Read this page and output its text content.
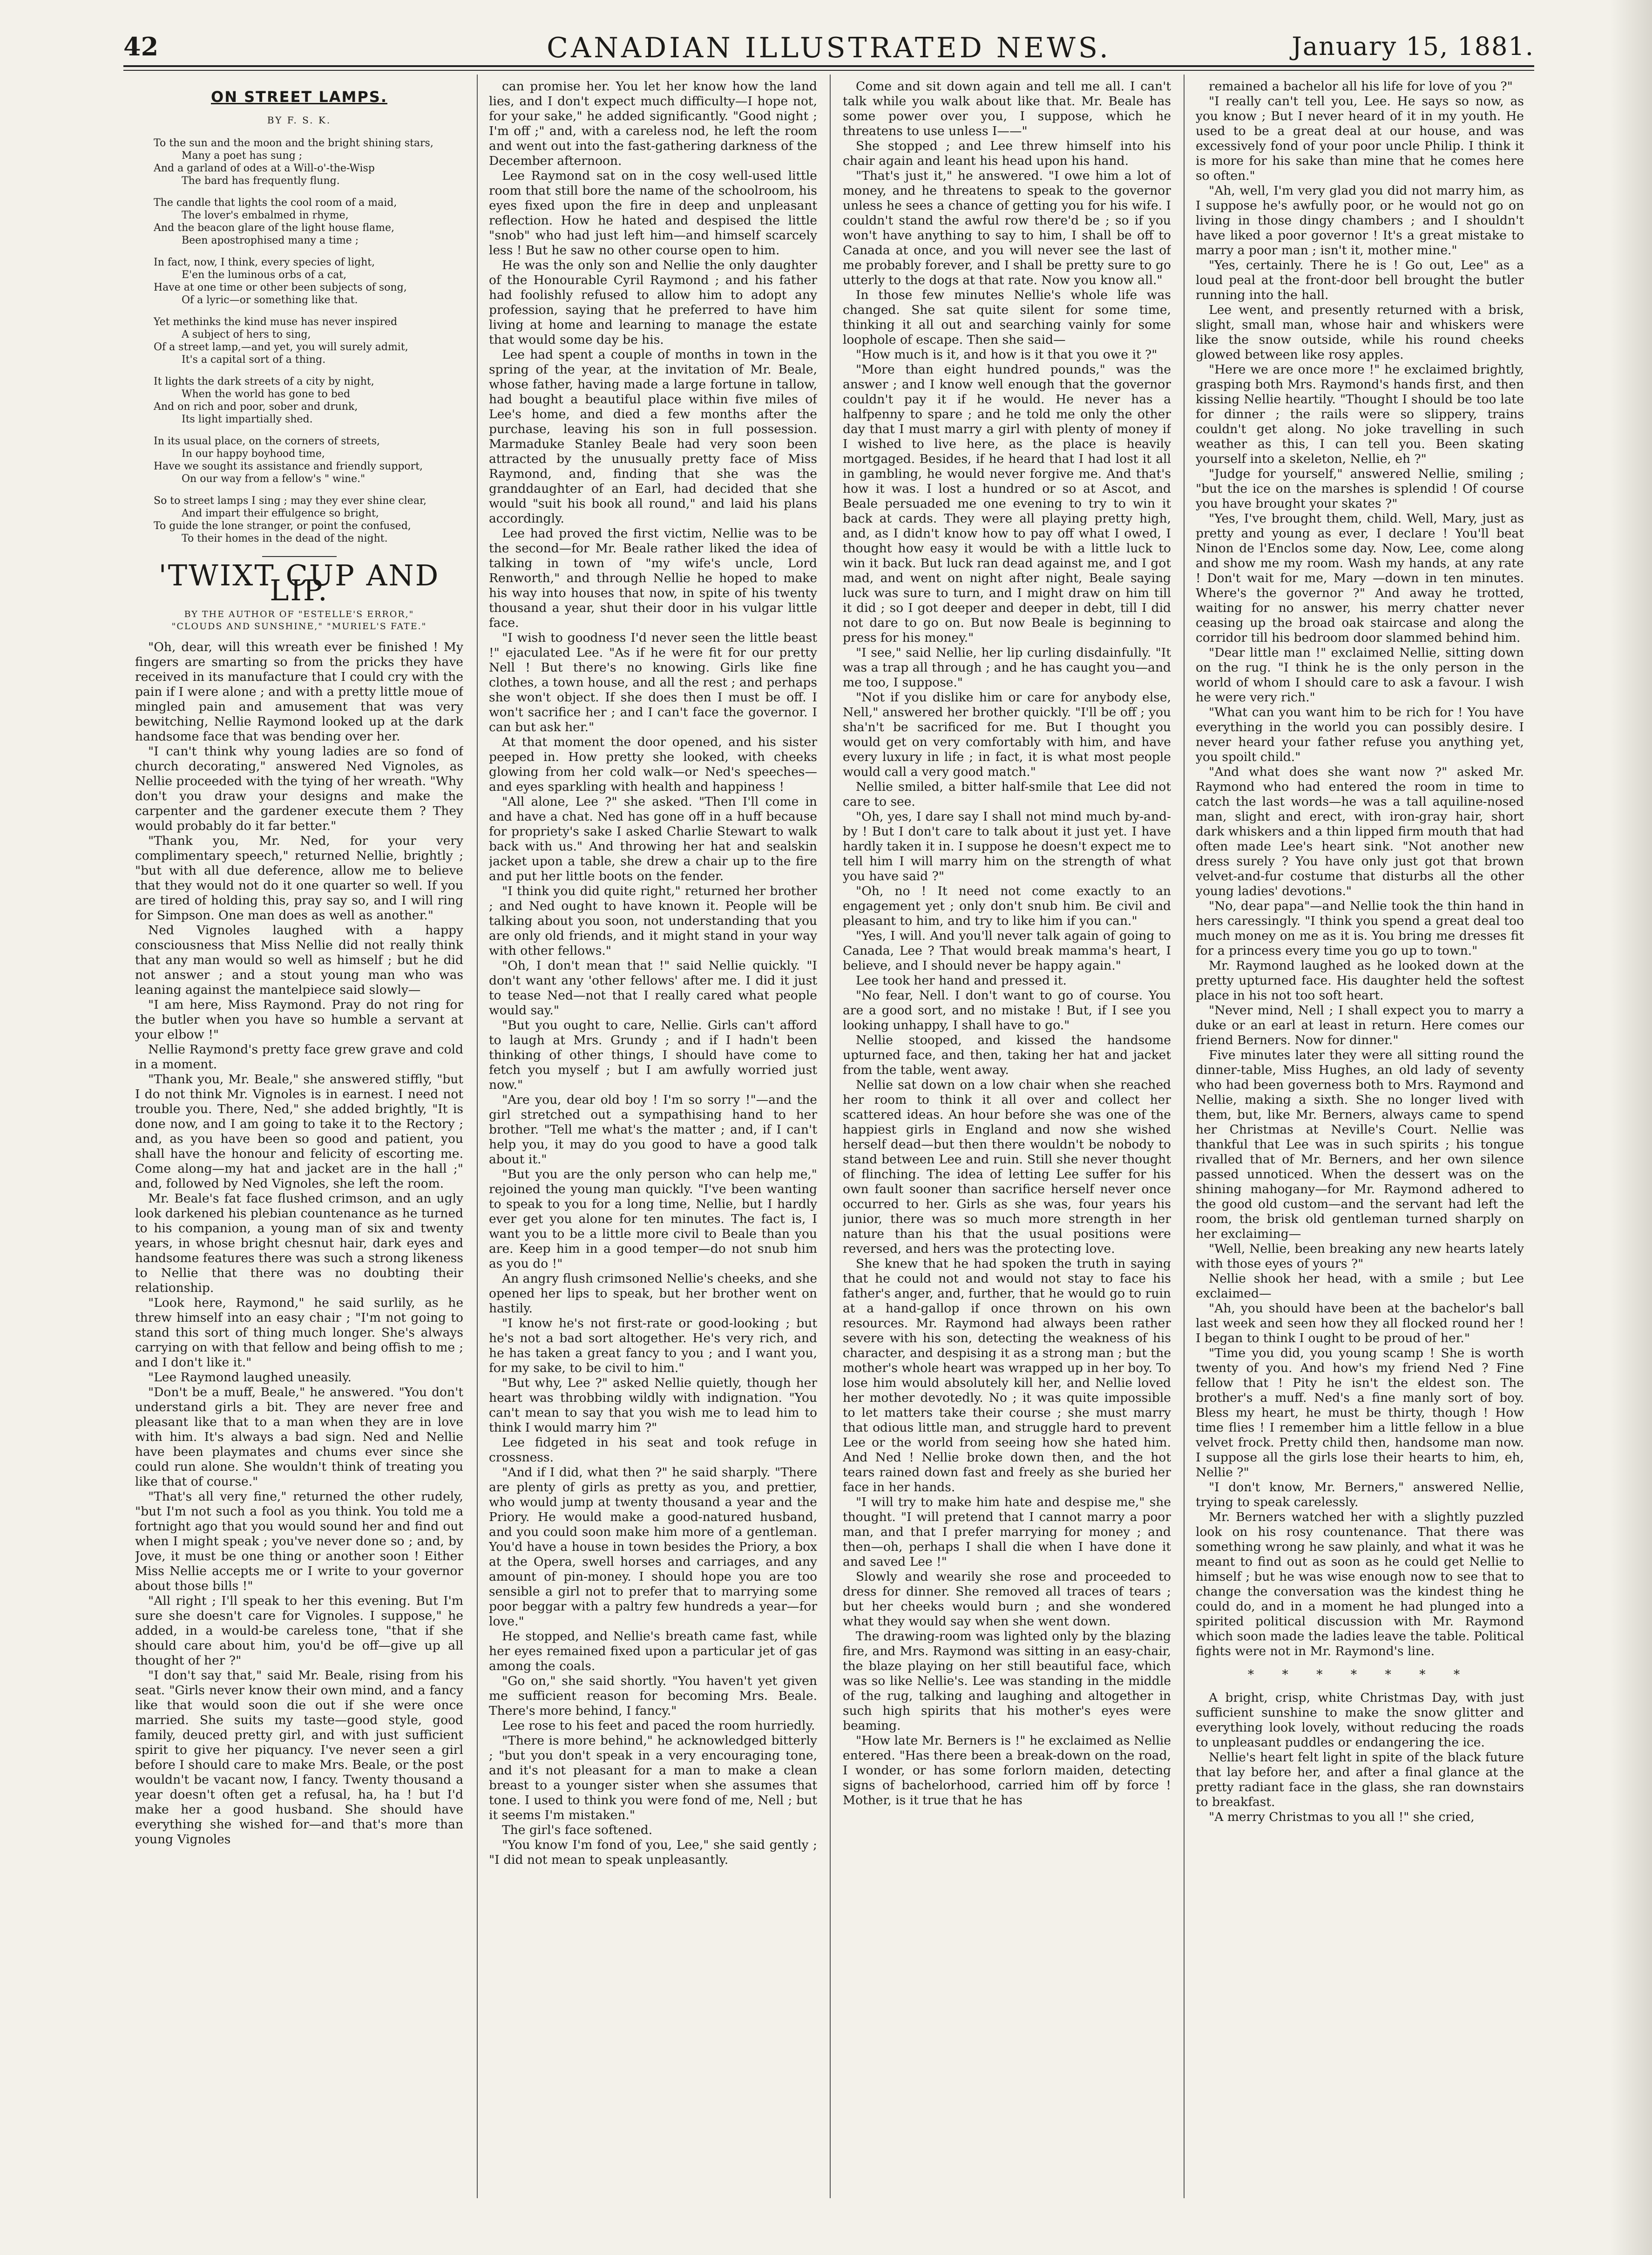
42	CANADIAN ILLUSTRATED NEWS.	January 15, 1881.
ON STREET LAMPS.
BY F. S. K.
To the sun and the moon and the bright shining stars,
Many a poet has sung ;
And a garland of odes at a Will-o'-the-Wisp
The bard has frequently flung.
The candle that lights the cool room of a maid,
The lover's embalmed in rhyme,
And the beacon glare of the light house flame,
Been apostrophised many a time ;
In fact, now, I think, every species of light,
E'en the luminous orbs of a cat,
Have at one time or other been subjects of song,
Of a lyric—or something like that.
Yet methinks the kind muse has never inspired
A subject of hers to sing,
Of a street lamp,—and yet, you will surely admit,
It's a capital sort of a thing.
It lights the dark streets of a city by night,
When the world has gone to bed
And on rich and poor, sober and drunk,
Its light impartially shed.
In its usual place, on the corners of streets,
In our happy boyhood time,
Have we sought its assistance and friendly support,
On our way from a fellow's " wine."
So to street lamps I sing ; may they ever shine clear,
And impart their effulgence so bright,
To guide the lone stranger, or point the confused,
To their homes in the dead of the night.
'TWIXT CUP AND LIP.
BY THE AUTHOR OF "ESTELLE'S ERROR,"
"CLOUDS AND SUNSHINE," "MURIEL'S FATE."

"Oh, dear, will this wreath ever be finished ! My fingers are smarting so from the pricks they have received in its manufacture that I could cry with the pain if I were alone ; and with a pretty little moue of mingled pain and amusement that was very bewitching, Nellie Raymond looked up at the dark handsome face that was bending over her.

"I can't think why young ladies are so fond of church decorating," answered Ned Vignoles, as Nellie proceeded with the tying of her wreath. "Why don't you draw your designs and make the carpenter and the gardener execute them ? They would probably do it far better."

"Thank you, Mr. Ned, for your very complimentary speech," returned Nellie, brightly ; "but with all due deference, allow me to believe that they would not do it one quarter so well. If you are tired of holding this, pray say so, and I will ring for Simpson. One man does as well as another."

Ned Vignoles laughed with a happy consciousness that Miss Nellie did not really think that any man would so well as himself ; but he did not answer ; and a stout young man who was leaning against the mantelpiece said slowly—

"I am here, Miss Raymond. Pray do not ring for the butler when you have so humble a servant at your elbow !"

Nellie Raymond's pretty face grew grave and cold in a moment.

"Thank you, Mr. Beale," she answered stiffly, "but I do not think Mr. Vignoles is in earnest. I need not trouble you. There, Ned," she added brightly, "It is done now, and I am going to take it to the Rectory ; and, as you have been so good and patient, you shall have the honour and felicity of escorting me. Come along—my hat and jacket are in the hall ;" and, followed by Ned Vignoles, she left the room.

Mr. Beale's fat face flushed crimson, and an ugly look darkened his plebian countenance as he turned to his companion, a young man of six and twenty years, in whose bright chesnut hair, dark eyes and handsome features there was such a strong likeness to Nellie that there was no doubting their relationship.

"Look here, Raymond," he said surlily, as he threw himself into an easy chair ; "I'm not going to stand this sort of thing much longer. She's always carrying on with that fellow and being offish to me ; and I don't like it."

"Lee Raymond laughed uneasily.

"Don't be a muff, Beale," he answered. "You don't understand girls a bit. They are never free and pleasant like that to a man when they are in love with him. It's always a bad sign. Ned and Nellie have been playmates and chums ever since she could run alone. She wouldn't think of treating you like that of course."

"That's all very fine," returned the other rudely, "but I'm not such a fool as you think. You told me a fortnight ago that you would sound her and find out when I might speak ; you've never done so ; and, by Jove, it must be one thing or another soon ! Either Miss Nellie accepts me or I write to your governor about those bills !"

"All right ; I'll speak to her this evening. But I'm sure she doesn't care for Vignoles. I suppose," he added, in a would-be careless tone, "that if she should care about him, you'd be off—give up all thought of her ?"

"I don't say that," said Mr. Beale, rising from his seat. "Girls never know their own mind, and a fancy like that would soon die out if she were once married. She suits my taste—good style, good family, deuced pretty girl, and with just sufficient spirit to give her piquancy. I've never seen a girl before I should care to make Mrs. Beale, or the post wouldn't be vacant now, I fancy. Twenty thousand a year doesn't often get a refusal, ha, ha ! but I'd make her a good husband. She should have everything she wished for—and that's more than young Vignoles

can promise her. You let her know how the land lies, and I don't expect much difficulty—I hope not, for your sake," he added significantly. "Good night ; I'm off ;" and, with a careless nod, he left the room and went out into the fast-gathering darkness of the December afternoon.

Lee Raymond sat on in the cosy well-used little room that still bore the name of the schoolroom, his eyes fixed upon the fire in deep and unpleasant reflection. How he hated and despised the little "snob" who had just left him—and himself scarcely less ! But he saw no other course open to him.

He was the only son and Nellie the only daughter of the Honourable Cyril Raymond ; and his father had foolishly refused to allow him to adopt any profession, saying that he preferred to have him living at home and learning to manage the estate that would some day be his.

Lee had spent a couple of months in town in the spring of the year, at the invitation of Mr. Beale, whose father, having made a large fortune in tallow, had bought a beautiful place within five miles of Lee's home, and died a few months after the purchase, leaving his son in full possession. Marmaduke Stanley Beale had very soon been attracted by the unusually pretty face of Miss Raymond, and, finding that she was the granddaughter of an Earl, had decided that she would "suit his book all round," and laid his plans accordingly.

Lee had proved the first victim, Nellie was to be the second—for Mr. Beale rather liked the idea of talking in town of "my wife's uncle, Lord Renworth," and through Nellie he hoped to make his way into houses that now, in spite of his twenty thousand a year, shut their door in his vulgar little face.

"I wish to goodness I'd never seen the little beast !" ejaculated Lee. "As if he were fit for our pretty Nell ! But there's no knowing. Girls like fine clothes, a town house, and all the rest ; and perhaps she won't object. If she does then I must be off. I won't sacrifice her ; and I can't face the governor. I can but ask her."

At that moment the door opened, and his sister peeped in. How pretty she looked, with cheeks glowing from her cold walk—or Ned's speeches—and eyes sparkling with health and happiness !

"All alone, Lee ?" she asked. "Then I'll come in and have a chat. Ned has gone off in a huff because for propriety's sake I asked Charlie Stewart to walk back with us." And throwing her hat and sealskin jacket upon a table, she drew a chair up to the fire and put her little boots on the fender.

"I think you did quite right," returned her brother ; and Ned ought to have known it. People will be talking about you soon, not understanding that you are only old friends, and it might stand in your way with other fellows."

"Oh, I don't mean that !" said Nellie quickly. "I don't want any 'other fellows' after me. I did it just to tease Ned—not that I really cared what people would say."

"But you ought to care, Nellie. Girls can't afford to laugh at Mrs. Grundy ; and if I hadn't been thinking of other things, I should have come to fetch you myself ; but I am awfully worried just now."

"Are you, dear old boy ! I'm so sorry !"—and the girl stretched out a sympathising hand to her brother. "Tell me what's the matter ; and, if I can't help you, it may do you good to have a good talk about it."

"But you are the only person who can help me," rejoined the young man quickly. "I've been wanting to speak to you for a long time, Nellie, but I hardly ever get you alone for ten minutes. The fact is, I want you to be a little more civil to Beale than you are. Keep him in a good temper—do not snub him as you do !"

An angry flush crimsoned Nellie's cheeks, and she opened her lips to speak, but her brother went on hastily.

"I know he's not first-rate or good-looking ; but he's not a bad sort altogether. He's very rich, and he has taken a great fancy to you ; and I want you, for my sake, to be civil to him."

"But why, Lee ?" asked Nellie quietly, though her heart was throbbing wildly with indignation. "You can't mean to say that you wish me to lead him to think I would marry him ?"

Lee fidgeted in his seat and took refuge in crossness.

"And if I did, what then ?" he said sharply. "There are plenty of girls as pretty as you, and prettier, who would jump at twenty thousand a year and the Priory. He would make a good-natured husband, and you could soon make him more of a gentleman. You'd have a house in town besides the Priory, a box at the Opera, swell horses and carriages, and any amount of pin-money. I should hope you are too sensible a girl not to prefer that to marrying some poor beggar with a paltry few hundreds a year—for love."

He stopped, and Nellie's breath came fast, while her eyes remained fixed upon a particular jet of gas among the coals.

"Go on," she said shortly. "You haven't yet given me sufficient reason for becoming Mrs. Beale. There's more behind, I fancy."

Lee rose to his feet and paced the room hurriedly.

"There is more behind," he acknowledged bitterly ; "but you don't speak in a very encouraging tone, and it's not pleasant for a man to make a clean breast to a younger sister when she assumes that tone. I used to think you were fond of me, Nell ; but it seems I'm mistaken."

The girl's face softened.

"You know I'm fond of you, Lee," she said gently ; "I did not mean to speak unpleasantly.

Come and sit down again and tell me all. I can't talk while you walk about like that. Mr. Beale has some power over you, I suppose, which he threatens to use unless I——"

She stopped ; and Lee threw himself into his chair again and leant his head upon his hand.

"That's just it," he answered. "I owe him a lot of money, and he threatens to speak to the governor unless he sees a chance of getting you for his wife. I couldn't stand the awful row there'd be ; so if you won't have anything to say to him, I shall be off to Canada at once, and you will never see the last of me probably forever, and I shall be pretty sure to go utterly to the dogs at that rate. Now you know all."

In those few minutes Nellie's whole life was changed. She sat quite silent for some time, thinking it all out and searching vainly for some loophole of escape. Then she said—

"How much is it, and how is it that you owe it ?"

"More than eight hundred pounds," was the answer ; and I know well enough that the governor couldn't pay it if he would. He never has a halfpenny to spare ; and he told me only the other day that I must marry a girl with plenty of money if I wished to live here, as the place is heavily mortgaged. Besides, if he heard that I had lost it all in gambling, he would never forgive me. And that's how it was. I lost a hundred or so at Ascot, and Beale persuaded me one evening to try to win it back at cards. They were all playing pretty high, and, as I didn't know how to pay off what I owed, I thought how easy it would be with a little luck to win it back. But luck ran dead against me, and I got mad, and went on night after night, Beale saying luck was sure to turn, and I might draw on him till it did ; so I got deeper and deeper in debt, till I did not dare to go on. But now Beale is beginning to press for his money."

"I see," said Nellie, her lip curling disdainfully. "It was a trap all through ; and he has caught you—and me too, I suppose."

"Not if you dislike him or care for anybody else, Nell," answered her brother quickly. "I'll be off ; you sha'n't be sacrificed for me. But I thought you would get on very comfortably with him, and have every luxury in life ; in fact, it is what most people would call a very good match."

Nellie smiled, a bitter half-smile that Lee did not care to see.

"Oh, yes, I dare say I shall not mind much by-and-by ! But I don't care to talk about it just yet. I have hardly taken it in. I suppose he doesn't expect me to tell him I will marry him on the strength of what you have said ?"

"Oh, no ! It need not come exactly to an engagement yet ; only don't snub him. Be civil and pleasant to him, and try to like him if you can."

"Yes, I will. And you'll never talk again of going to Canada, Lee ? That would break mamma's heart, I believe, and I should never be happy again."

Lee took her hand and pressed it.

"No fear, Nell. I don't want to go of course. You are a good sort, and no mistake ! But, if I see you looking unhappy, I shall have to go."

Nellie stooped, and kissed the handsome upturned face, and then, taking her hat and jacket from the table, went away.

Nellie sat down on a low chair when she reached her room to think it all over and collect her scattered ideas. An hour before she was one of the happiest girls in England and now she wished herself dead—but then there wouldn't be nobody to stand between Lee and ruin. Still she never thought of flinching. The idea of letting Lee suffer for his own fault sooner than sacrifice herself never once occurred to her. Girls as she was, four years his junior, there was so much more strength in her nature than his that the usual positions were reversed, and hers was the protecting love.

She knew that he had spoken the truth in saying that he could not and would not stay to face his father's anger, and, further, that he would go to ruin at a hand-gallop if once thrown on his own resources. Mr. Raymond had always been rather severe with his son, detecting the weakness of his character, and despising it as a strong man ; but the mother's whole heart was wrapped up in her boy. To lose him would absolutely kill her, and Nellie loved her mother devotedly. No ; it was quite impossible to let matters take their course ; she must marry that odious little man, and struggle hard to prevent Lee or the world from seeing how she hated him. And Ned ! Nellie broke down then, and the hot tears rained down fast and freely as she buried her face in her hands.

"I will try to make him hate and despise me," she thought. "I will pretend that I cannot marry a poor man, and that I prefer marrying for money ; and then—oh, perhaps I shall die when I have done it and saved Lee !"

Slowly and wearily she rose and proceeded to dress for dinner. She removed all traces of tears ; but her cheeks would burn ; and she wondered what they would say when she went down.

The drawing-room was lighted only by the blazing fire, and Mrs. Raymond was sitting in an easy-chair, the blaze playing on her still beautiful face, which was so like Nellie's. Lee was standing in the middle of the rug, talking and laughing and altogether in such high spirits that his mother's eyes were beaming.

"How late Mr. Berners is !" he exclaimed as Nellie entered. "Has there been a break-down on the road, I wonder, or has some forlorn maiden, detecting signs of bachelorhood, carried him off by force ! Mother, is it true that he has

remained a bachelor all his life for love of you ?"

"I really can't tell you, Lee. He says so now, as you know ; But I never heard of it in my youth. He used to be a great deal at our house, and was excessively fond of your poor uncle Philip. I think it is more for his sake than mine that he comes here so often."

"Ah, well, I'm very glad you did not marry him, as I suppose he's awfully poor, or he would not go on living in those dingy chambers ; and I shouldn't have liked a poor governor ! It's a great mistake to marry a poor man ; isn't it, mother mine."

"Yes, certainly. There he is ! Go out, Lee" as a loud peal at the front-door bell brought the butler running into the hall.

Lee went, and presently returned with a brisk, slight, small man, whose hair and whiskers were like the snow outside, while his round cheeks glowed between like rosy apples.

"Here we are once more !" he exclaimed brightly, grasping both Mrs. Raymond's hands first, and then kissing Nellie heartily. "Thought I should be too late for dinner ; the rails were so slippery, trains couldn't get along. No joke travelling in such weather as this, I can tell you. Been skating yourself into a skeleton, Nellie, eh ?"

"Judge for yourself," answered Nellie, smiling ; "but the ice on the marshes is splendid ! Of course you have brought your skates ?"

"Yes, I've brought them, child. Well, Mary, just as pretty and young as ever, I declare ! You'll beat Ninon de l'Enclos some day. Now, Lee, come along and show me my room. Wash my hands, at any rate ! Don't wait for me, Mary —down in ten minutes. Where's the governor ?" And away he trotted, waiting for no answer, his merry chatter never ceasing up the broad oak staircase and along the corridor till his bedroom door slammed behind him.

"Dear little man !" exclaimed Nellie, sitting down on the rug. "I think he is the only person in the world of whom I should care to ask a favour. I wish he were very rich."

"What can you want him to be rich for ! You have everything in the world you can possibly desire. I never heard your father refuse you anything yet, you spoilt child."

"And what does she want now ?" asked Mr. Raymond who had entered the room in time to catch the last words—he was a tall aquiline-nosed man, slight and erect, with iron-gray hair, short dark whiskers and a thin lipped firm mouth that had often made Lee's heart sink. "Not another new dress surely ? You have only just got that brown velvet-and-fur costume that disturbs all the other young ladies' devotions."

"No, dear papa"—and Nellie took the thin hand in hers caressingly. "I think you spend a great deal too much money on me as it is. You bring me dresses fit for a princess every time you go up to town."

Mr. Raymond laughed as he looked down at the pretty upturned face. His daughter held the softest place in his not too soft heart.

"Never mind, Nell ; I shall expect you to marry a duke or an earl at least in return. Here comes our friend Berners. Now for dinner."

Five minutes later they were all sitting round the dinner-table, Miss Hughes, an old lady of seventy who had been governess both to Mrs. Raymond and Nellie, making a sixth. She no longer lived with them, but, like Mr. Berners, always came to spend her Christmas at Neville's Court. Nellie was thankful that Lee was in such spirits ; his tongue rivalled that of Mr. Berners, and her own silence passed unnoticed. When the dessert was on the shining mahogany—for Mr. Raymond adhered to the good old custom—and the servant had left the room, the brisk old gentleman turned sharply on her exclaiming—

"Well, Nellie, been breaking any new hearts lately with those eyes of yours ?"

Nellie shook her head, with a smile ; but Lee exclaimed—

"Ah, you should have been at the bachelor's ball last week and seen how they all flocked round her ! I began to think I ought to be proud of her."

"Time you did, you young scamp ! She is worth twenty of you. And how's my friend Ned ? Fine fellow that ! Pity he isn't the eldest son. The brother's a muff. Ned's a fine manly sort of boy. Bless my heart, he must be thirty, though ! How time flies ! I remember him a little fellow in a blue velvet frock. Pretty child then, handsome man now. I suppose all the girls lose their hearts to him, eh, Nellie ?"

"I don't know, Mr. Berners," answered Nellie, trying to speak carelessly.

Mr. Berners watched her with a slightly puzzled look on his rosy countenance. That there was something wrong he saw plainly, and what it was he meant to find out as soon as he could get Nellie to himself ; but he was wise enough now to see that to change the conversation was the kindest thing he could do, and in a moment he had plunged into a spirited political discussion with Mr. Raymond which soon made the ladies leave the table. Political fights were not in Mr. Raymond's line.

* * * * * * *

A bright, crisp, white Christmas Day, with just sufficient sunshine to make the snow glitter and everything look lovely, without reducing the roads to unpleasant puddles or endangering the ice.

Nellie's heart felt light in spite of the black future that lay before her, and after a final glance at the pretty radiant face in the glass, she ran downstairs to breakfast.

"A merry Christmas to you all !" she cried,
